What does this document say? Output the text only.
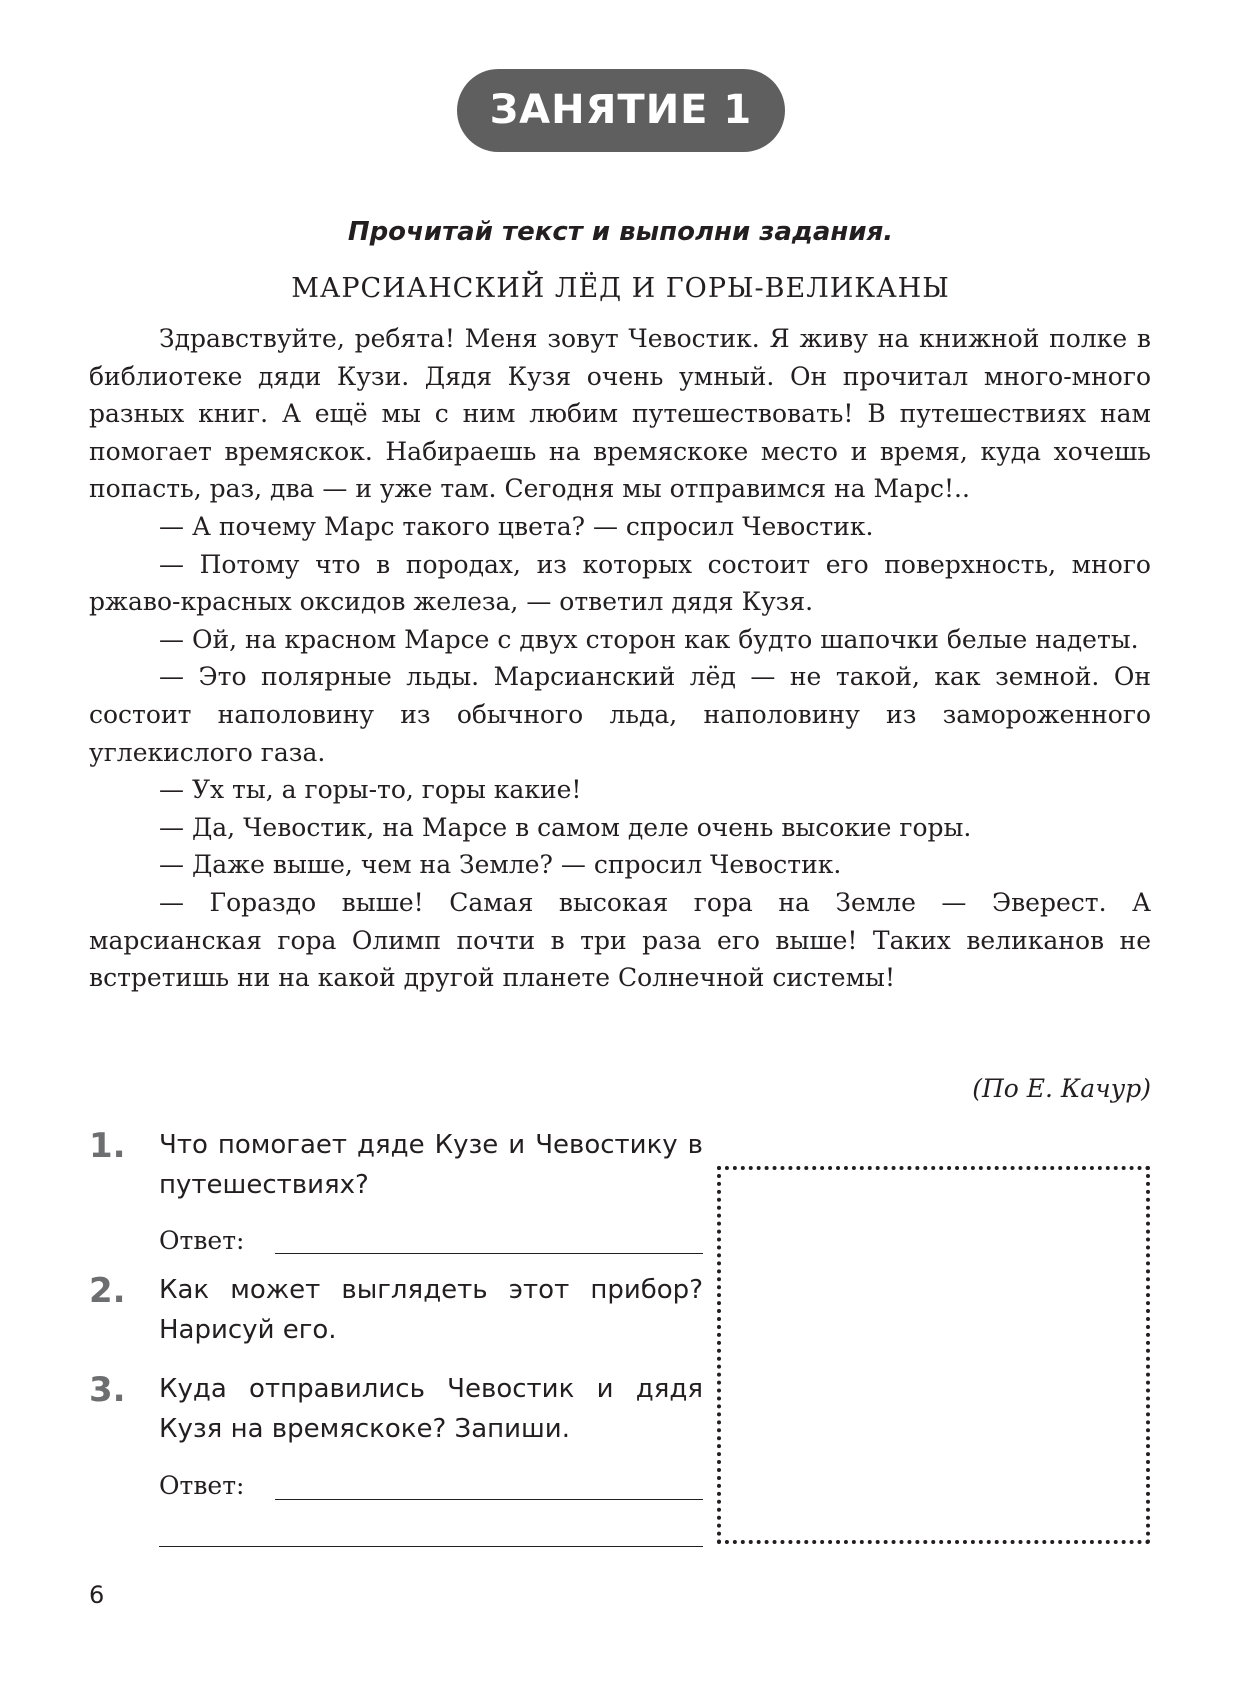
ЗАНЯТИЕ 1
Прочитай текст и выполни задания.
МАРСИАНСКИЙ ЛЁД И ГОРЫ-ВЕЛИКАНЫ

Здравствуйте, ребята! Меня зовут Чевостик. Я живу на книжной полке в библиотеке дяди Кузи. Дядя Кузя очень умный. Он прочитал много-много разных книг. А ещё мы с ним любим путешествовать! В путешествиях нам помогает времяскок. Набираешь на времяскоке место и время, куда хочешь попасть, раз, два — и уже там. Сегодня мы отправимся на Марс!..

— А почему Марс такого цвета? — спросил Чевостик.

— Потому что в породах, из которых состоит его поверхность, много ржаво-красных оксидов железа, — ответил дядя Кузя.

— Ой, на красном Марсе с двух сторон как будто шапочки белые надеты.

— Это полярные льды. Марсианский лёд — не такой, как земной. Он состоит наполовину из обычного льда, наполовину из замороженного углекислого газа.

— Ух ты, а горы-то, горы какие!

— Да, Чевостик, на Марсе в самом деле очень высокие горы.

— Даже выше, чем на Земле? — спросил Чевостик.

— Гораздо выше! Самая высокая гора на Земле — Эверест. А марсианская гора Олимп почти в три раза его выше! Таких великанов не встретишь ни на какой другой планете Солнечной системы!

(По Е. Качур)
1.	Что помогает дяде Кузе и Чевостику в путешествиях?
Ответ:
2.	Как может выглядеть этот прибор? Нарисуй его.
3.	Куда отправились Чевостик и дядя Кузя на времяскоке? Запиши.
Ответ:
6
